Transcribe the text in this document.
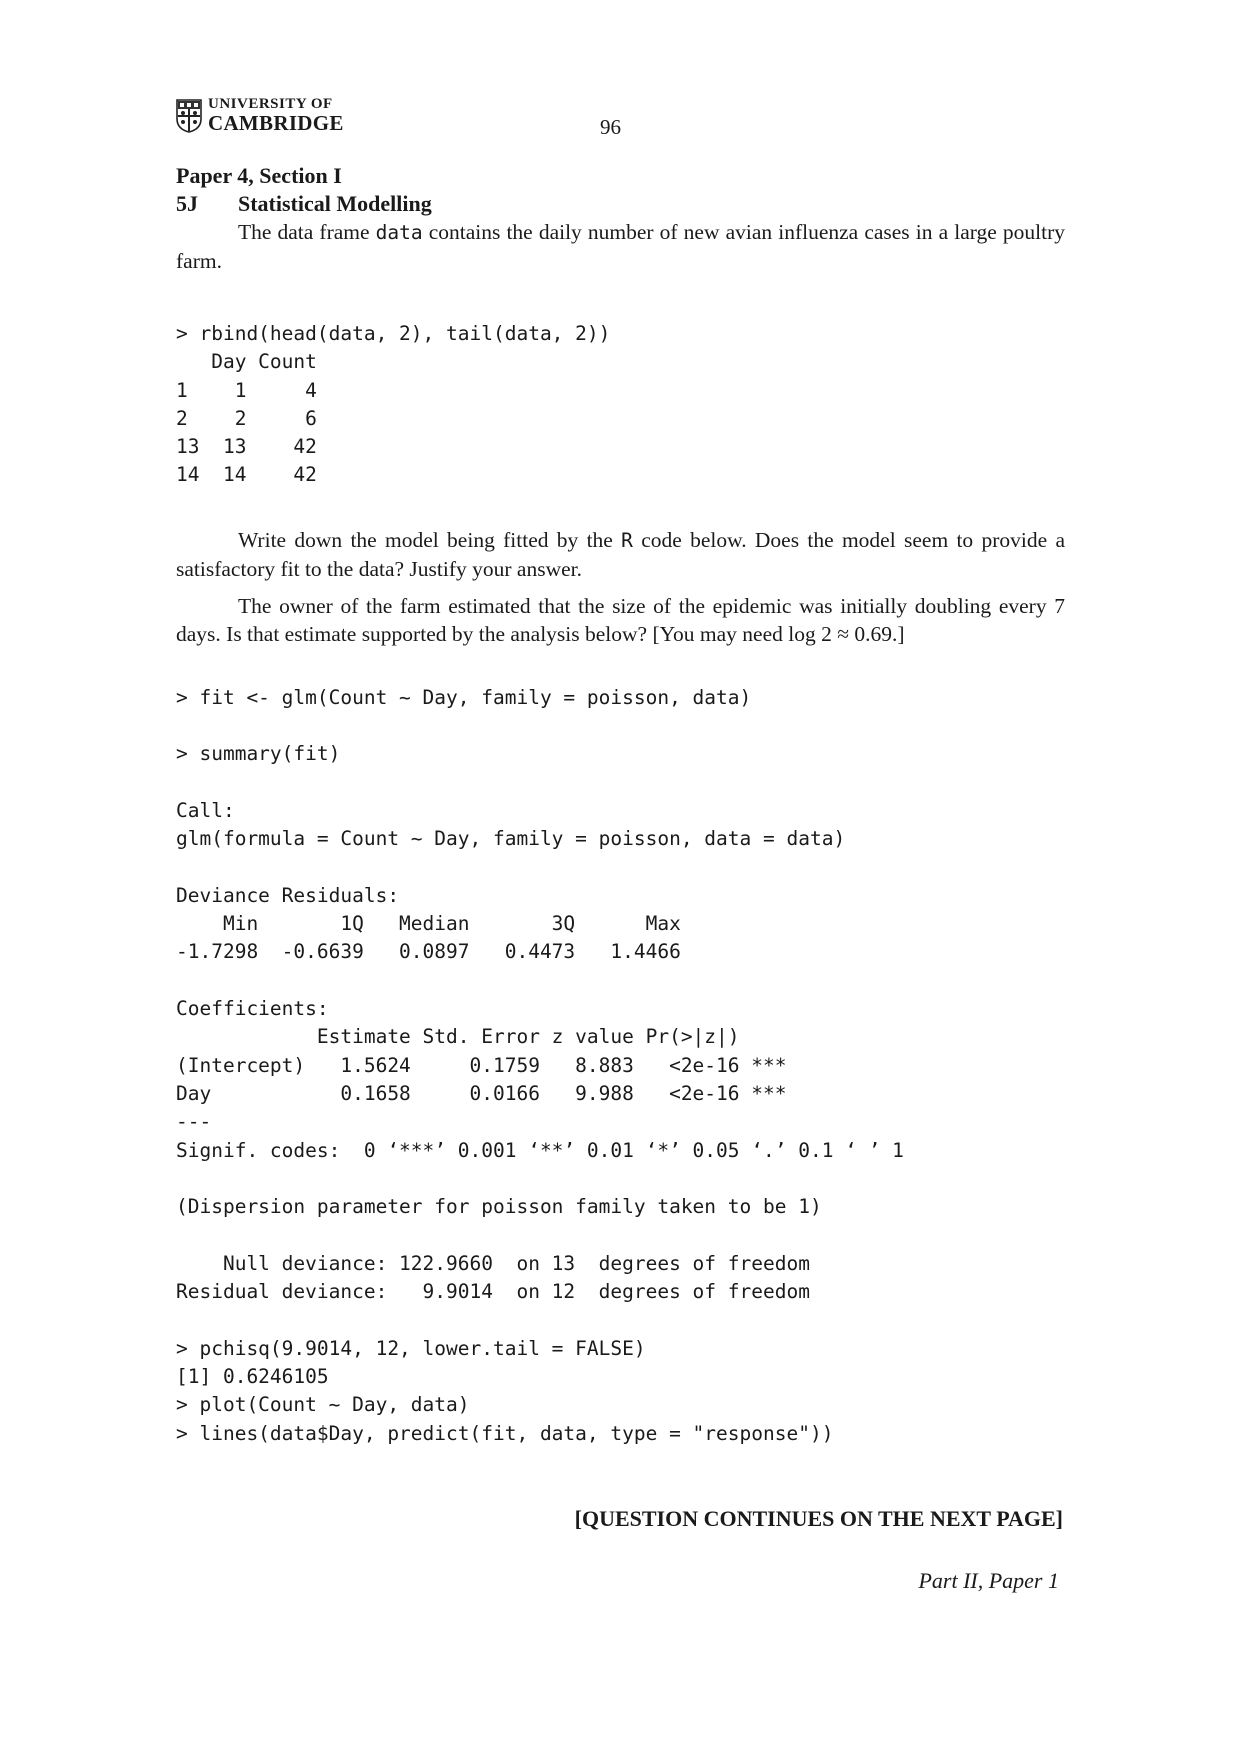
UNIVERSITY OF
CAMBRIDGE	96
Paper 4, Section I
5J	Statistical Modelling

The data frame data contains the daily number of new avian influenza cases in a large poultry farm.

> rbind(head(data, 2), tail(data, 2))
Day Count
1    1     4
2    2     6
13  13    42
14  14    42

Write down the model being fitted by the R code below. Does the model seem to provide a satisfactory fit to the data? Justify your answer.

The owner of the farm estimated that the size of the epidemic was initially doubling every 7 days. Is that estimate supported by the analysis below? [You may need log 2 ≈ 0.69.]

> fit <- glm(Count ~ Day, family = poisson, data)

> summary(fit)

Call:
glm(formula = Count ~ Day, family = poisson, data = data)

Deviance Residuals:
Min       1Q   Median       3Q      Max
-1.7298  -0.6639   0.0897   0.4473   1.4466

Coefficients:
Estimate Std. Error z value Pr(>|z|)
(Intercept)   1.5624     0.1759   8.883   <2e-16 ***
Day           0.1658     0.0166   9.988   <2e-16 ***
---
Signif. codes:  0 ‘***’ 0.001 ‘**’ 0.01 ‘*’ 0.05 ‘.’ 0.1 ‘ ’ 1

(Dispersion parameter for poisson family taken to be 1)

Null deviance: 122.9660  on 13  degrees of freedom
Residual deviance:   9.9014  on 12  degrees of freedom

> pchisq(9.9014, 12, lower.tail = FALSE)
[1] 0.6246105
> plot(Count ~ Day, data)
> lines(data$Day, predict(fit, data, type = "response"))
[QUESTION CONTINUES ON THE NEXT PAGE]
Part II, Paper 1
